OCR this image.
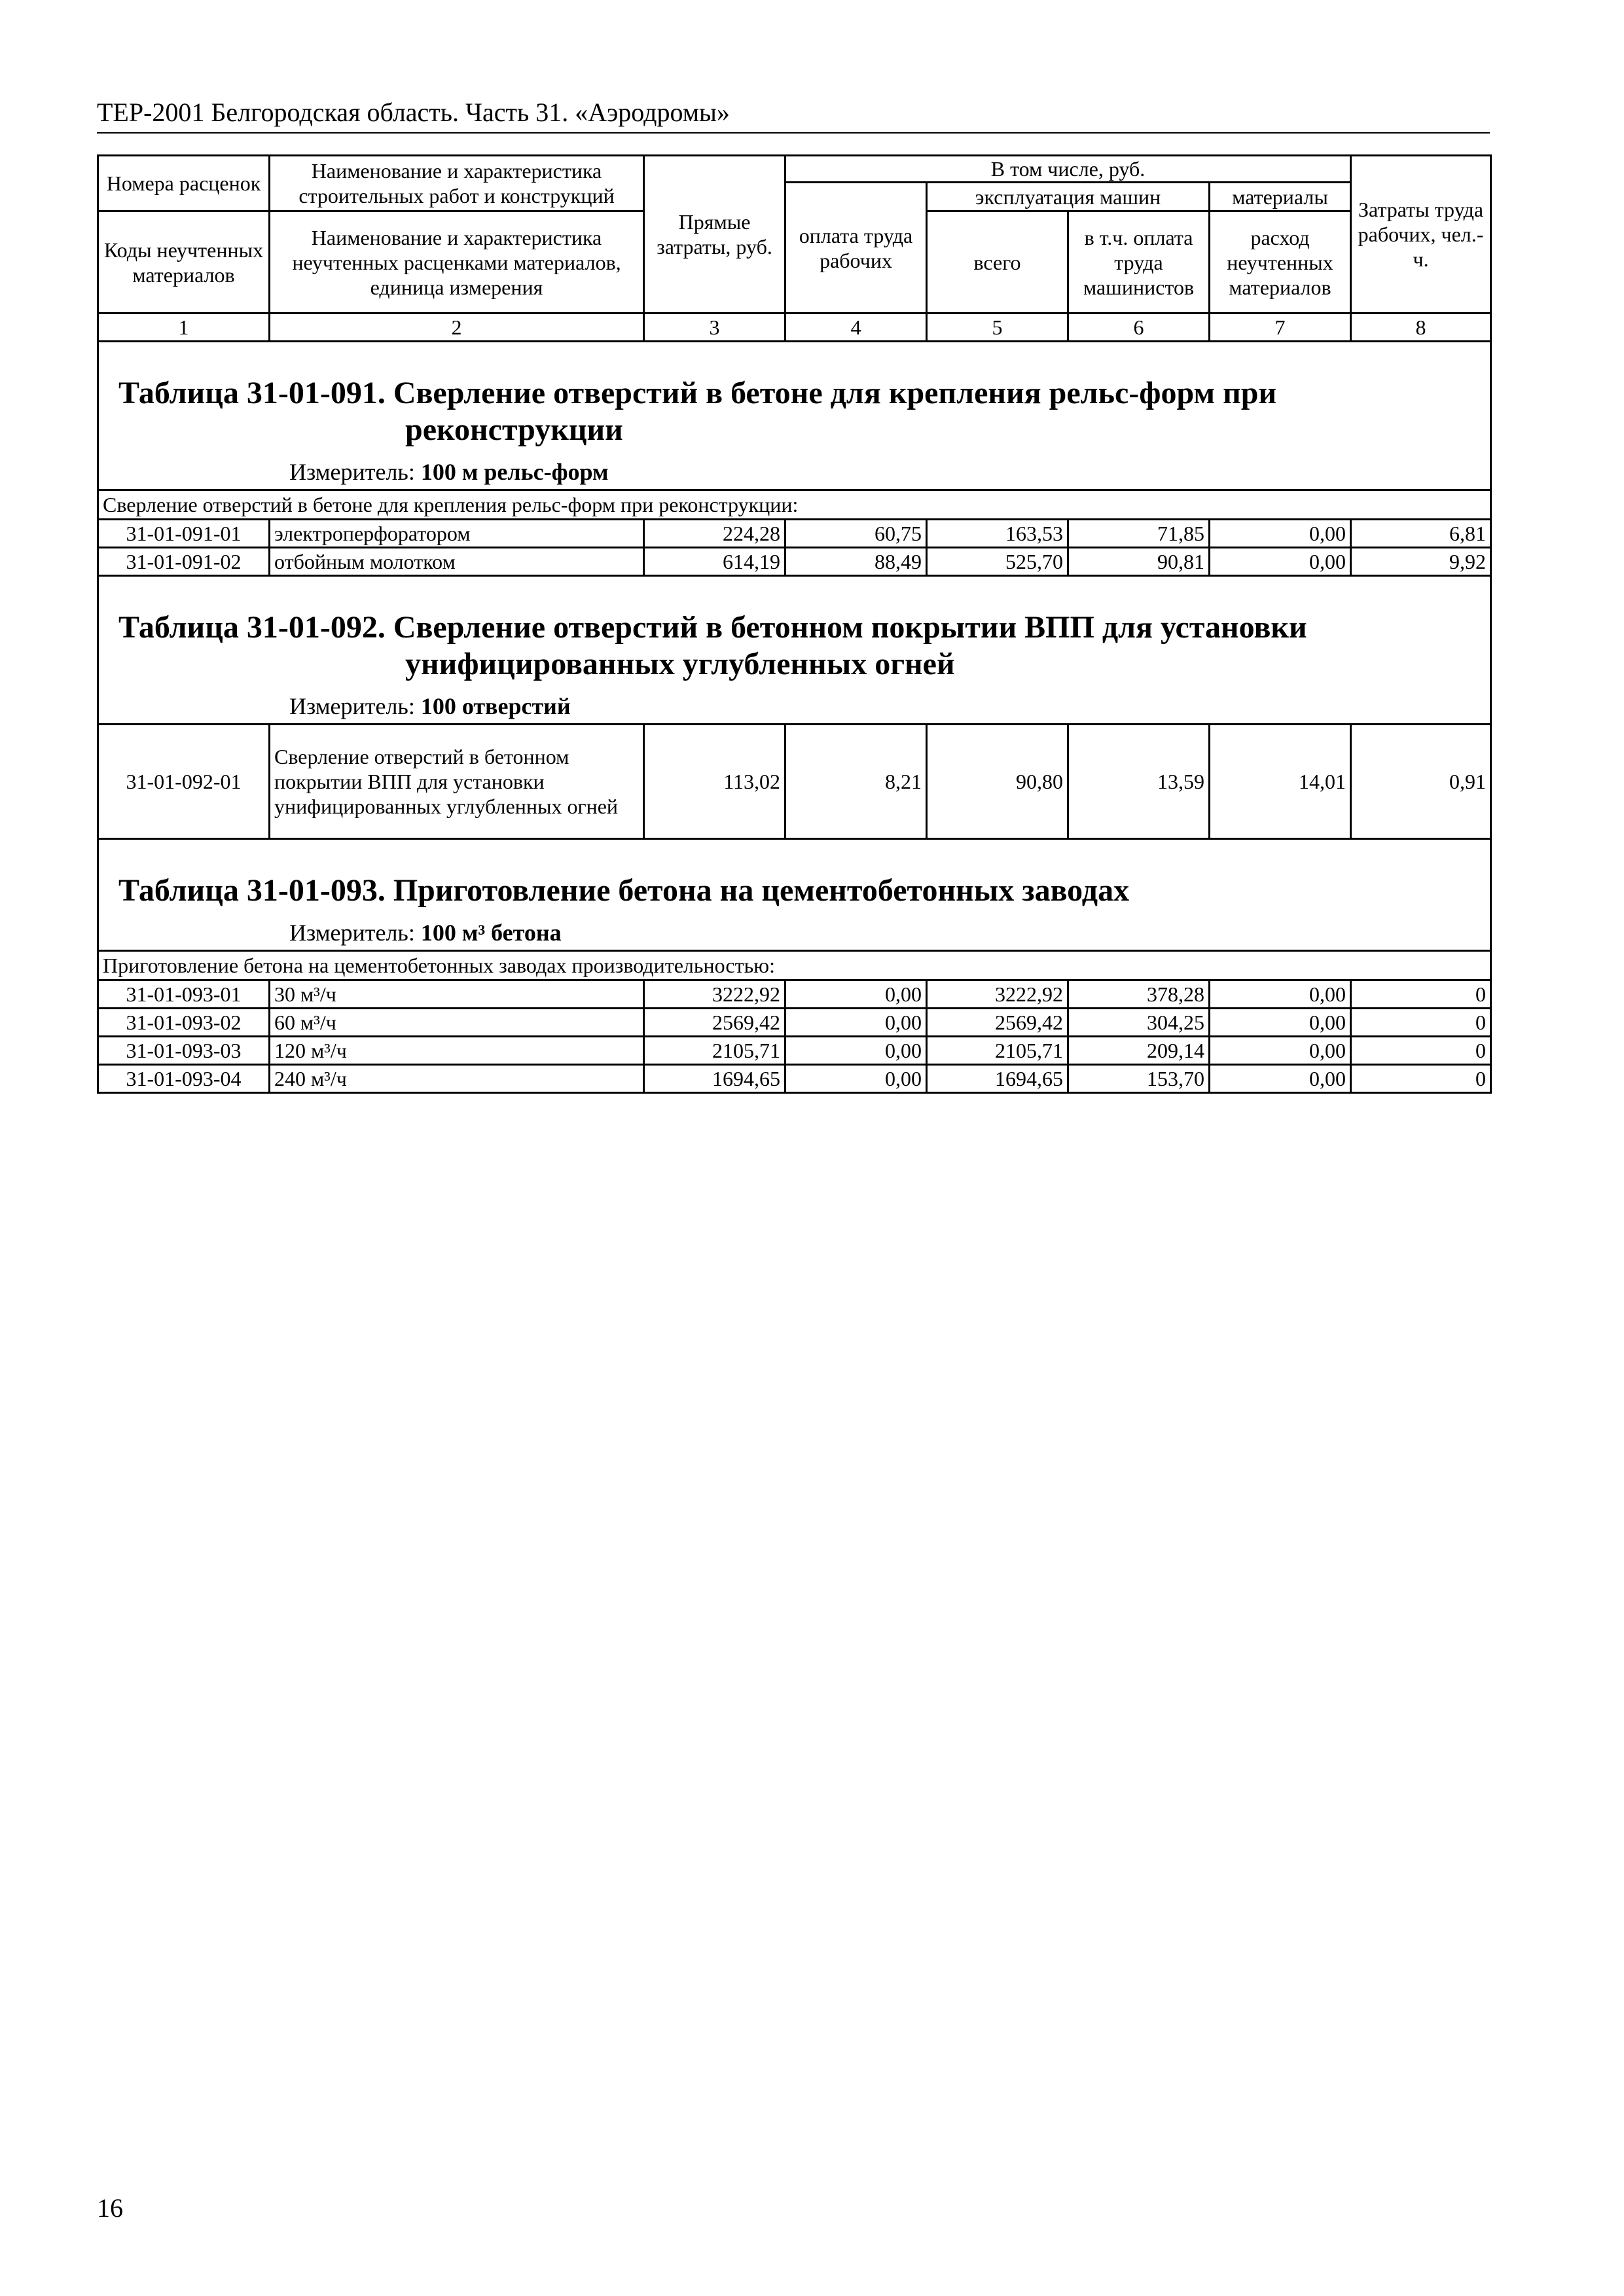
ТЕР-2001 Белгородская область. Часть 31. «Аэродромы»
Номера расценок	Наименование и характеристика строительных работ и конструкций	Прямые затраты, руб.	В том числе, руб.				Затраты труда рабочих, чел.-ч.
			оплата труда рабочих	эксплуатация машин		материалы	
Коды неучтенных материалов	Наименование и характеристика неучтенных расценками материалов, единица измерения			всего	в т.ч. оплата труда машинистов	расход неучтенных материалов	

1	2	3	4	5	6	7	8

Таблица 31-01-091. Сверление отверстий в бетоне для крепления рельс-форм при
реконструкции
Измеритель: 100 м рельс-форм							

Сверление отверстий в бетоне для крепления рельс-форм при реконструкции:							
31-01-091-01	электроперфоратором	224,28	60,75	163,53	71,85	0,00	6,81
31-01-091-02	отбойным молотком	614,19	88,49	525,70	90,81	0,00	9,92

Таблица 31-01-092. Сверление отверстий в бетонном покрытии ВПП для установки
унифицированных углубленных огней
Измеритель: 100 отверстий							

31-01-092-01	Сверление отверстий в бетонном покрытии ВПП для установки унифицированных углубленных огней	113,02	8,21	90,80	13,59	14,01	0,91

Таблица 31-01-093. Приготовление бетона на цементобетонных заводах
Измеритель: 100 м³ бетона							

Приготовление бетона на цементобетонных заводах производительностью:							
31-01-093-01	30 м³/ч	3222,92	0,00	3222,92	378,28	0,00	0
31-01-093-02	60 м³/ч	2569,42	0,00	2569,42	304,25	0,00	0
31-01-093-03	120 м³/ч	2105,71	0,00	2105,71	209,14	0,00	0
31-01-093-04	240 м³/ч	1694,65	0,00	1694,65	153,70	0,00	0
16
